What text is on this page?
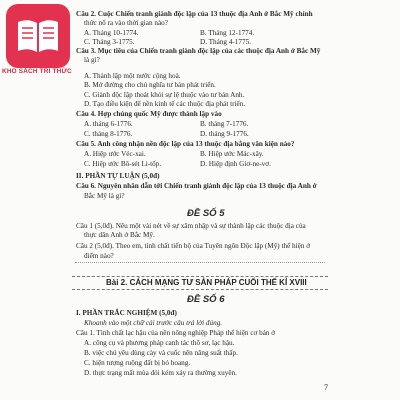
KHO SÁCH TRI THỨC
Câu 2. Cuộc Chiến tranh giành độc lập của 13 thuộc địa Anh ở Bắc Mỹ chính
thức nổ ra vào thời gian nào?
A. Tháng 10-1774.	B. Tháng 12-1774.
C. Tháng 3-1775.	D. Tháng 4-1775.
Câu 3. Mục tiêu của Chiến tranh giành độc lập của các thuộc địa Anh ở Bắc Mỹ
là gì?
A. Thành lập một nước cộng hoà.
B. Mở đường cho chủ nghĩa tư bản phát triển.
C. Giành độc lập thoát khỏi sự lệ thuộc vào tư bản Anh.
D. Tạo điều kiện để nền kinh tế các thuộc địa phát triển.
Câu 4. Hợp chúng quốc Mỹ được thành lập vào
A. tháng 6-1776.	B. tháng 7-1776.
C. tháng 8-1776.	D. tháng 9-1776.
Câu 5. Anh công nhận nền độc lập của 13 thuộc địa bằng văn kiện nào?
A. Hiệp ước Véc-xai.	B. Hiệp ước Mác-xây.
C. Hiệp ước Bô-sét Li-tốp.	D. Hiệp định Giơ-ne-vơ.
II. PHẦN TỰ LUẬN (5,0đ)
Câu 6. Nguyên nhân dẫn tới Chiến tranh giành độc lập của 13 thuộc địa Anh ở
Bắc Mỹ là gì?
ĐỀ SỐ 5
Câu 1 (5,0đ). Nêu một vài nét về sự xâm nhập và sự thành lập các thuộc địa của
thực dân Anh ở Bắc Mỹ.
Câu 2 (5,0đ). Theo em, tính chất tiến bộ của Tuyên ngôn Độc lập (Mỹ) thể hiện ở
điểm nào?
Bài 2. CÁCH MẠNG TƯ SẢN PHÁP CUỐI THẾ KỈ XVIII
ĐỀ SỐ 6
I. PHẦN TRẮC NGHIỆM (5,0đ)
Khoanh vào một chữ cái trước câu trả lời đúng.
Câu 1. Tình chất lạc hậu của nền nông nghiệp Pháp thể hiện cơ bản ở
A. công cụ và phương pháp canh tác thô sơ, lạc hậu.
B. việc chú yêu dùng cày và cuốc nên năng suất thấp.
C. hiện tượng ruộng đất bị bỏ hoang.
D. thực trạng mất mùa đói kém xảy ra thường xuyên.
7
